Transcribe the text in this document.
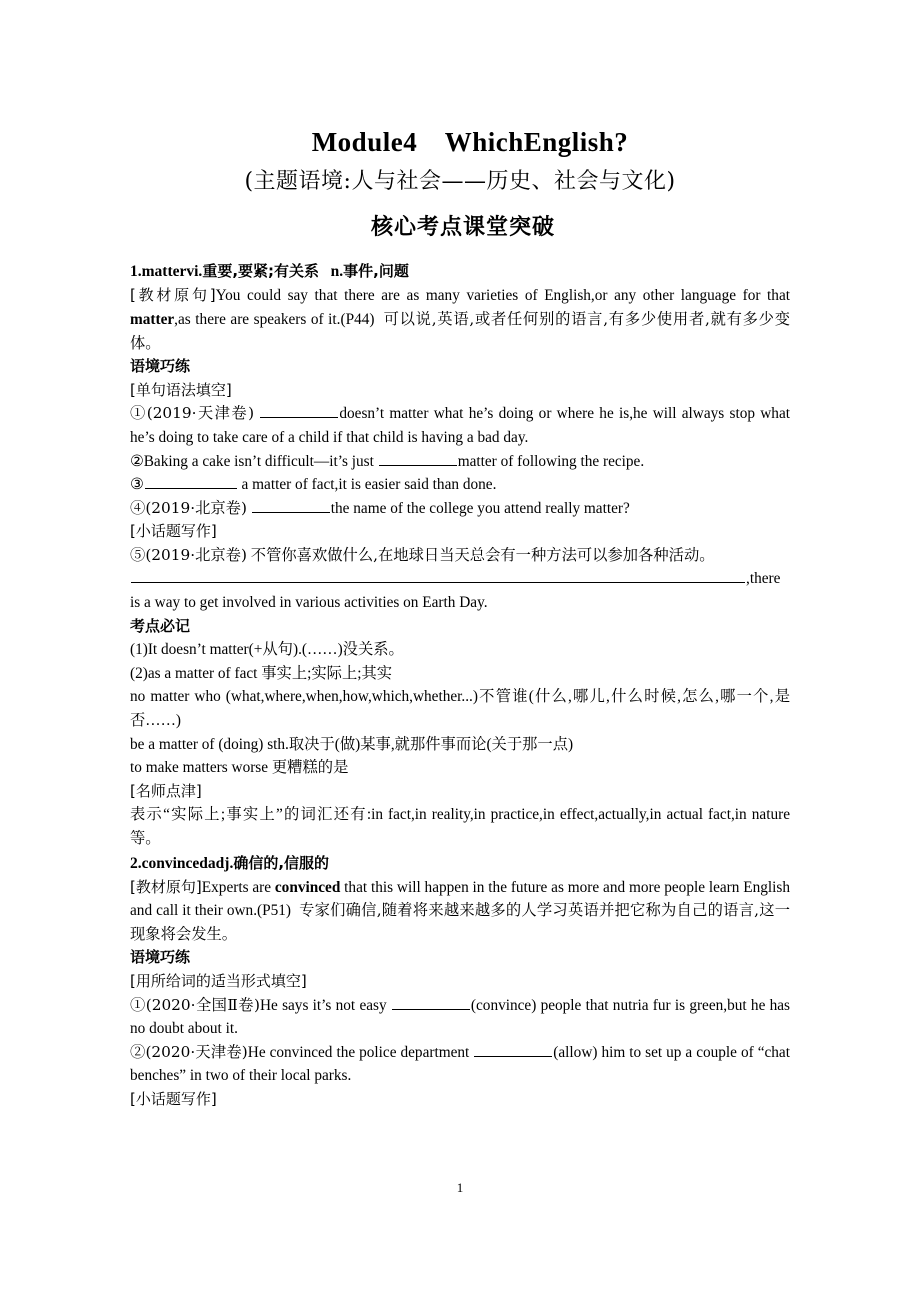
Module4 WhichEnglish?
(主题语境:人与社会——历史、社会与文化)
核心考点课堂突破
1.mattervi.重要,要紧;有关系 n.事件,问题

[教材原句]You could say that there are as many varieties of English,or any other language for that matter,as there are speakers of it.(P44) 可以说,英语,或者任何别的语言,有多少使用者,就有多少变体。

语境巧练

[单句语法填空]

①(2019·天津卷)	doesn’t matter what he’s doing or where he is,he will always stop what he’s doing to take care of a child if that child is having a bad day.

②Baking a cake isn’t difficult—it’s just	matter of following the recipe.

③	a matter of fact,it is easier said than done.

④(2019·北京卷)	the name of the college you attend really matter?

[小话题写作]

⑤(2019·北京卷) 不管你喜欢做什么,在地球日当天总会有一种方法可以参加各种活动。

,there is a way to get involved in various activities on Earth Day.

考点必记

(1)It doesn’t matter(+从句).(……)没关系。

(2)as a matter of fact 事实上;实际上;其实

no matter who (what,where,when,how,which,whether...)不管谁(什么,哪儿,什么时候,怎么,哪一个,是否……)

be a matter of (doing) sth.取决于(做)某事,就那件事而论(关于那一点)

to make matters worse 更糟糕的是

[名师点津]

表示“实际上;事实上”的词汇还有:in fact,in reality,in practice,in effect,actually,in actual fact,in nature 等。

2.convincedadj.确信的,信服的

[教材原句]Experts are convinced that this will happen in the future as more and more people learn English and call it their own.(P51) 专家们确信,随着将来越来越多的人学习英语并把它称为自己的语言,这一现象将会发生。

语境巧练

[用所给词的适当形式填空]

①(2020·全国Ⅱ卷)He says it’s not easy	(convince) people that nutria fur is green,but he has no doubt about it.

②(2020·天津卷)He convinced the police department	(allow) him to set up a couple of “chat benches” in two of their local parks.

[小话题写作]

1
